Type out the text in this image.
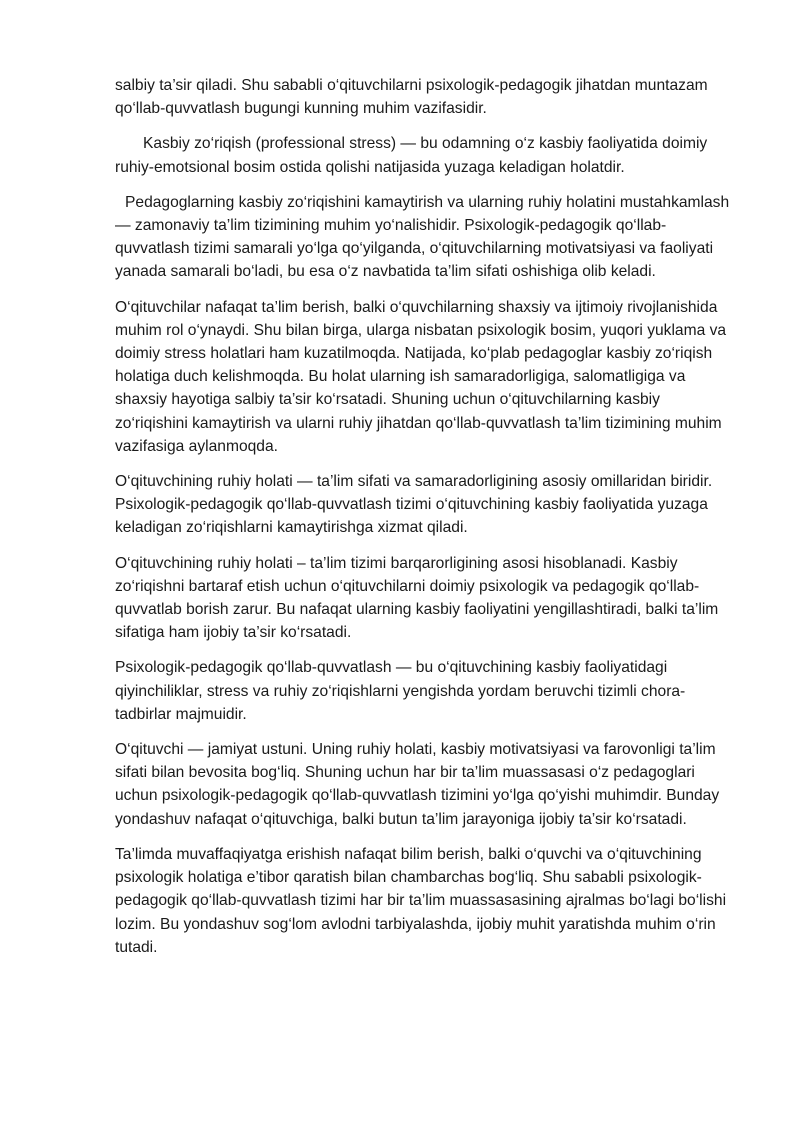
salbiy ta’sir qiladi. Shu sababli o‘qituvchilarni psixologik-pedagogik jihatdan muntazam qo‘llab-quvvatlash bugungi kunning muhim vazifasidir.

Kasbiy zo‘riqish (professional stress) — bu odamning o‘z kasbiy faoliyatida doimiy ruhiy-emotsional bosim ostida qolishi natijasida yuzaga keladigan holatdir.

Pedagoglarning kasbiy zo‘riqishini kamaytirish va ularning ruhiy holatini mustahkamlash — zamonaviy ta’lim tizimining muhim yo‘nalishidir. Psixologik-pedagogik qo‘llab-quvvatlash tizimi samarali yo‘lga qo‘yilganda, o‘qituvchilarning motivatsiyasi va faoliyati yanada samarali bo‘ladi, bu esa o‘z navbatida ta’lim sifati oshishiga olib keladi.

O‘qituvchilar nafaqat ta’lim berish, balki o‘quvchilarning shaxsiy va ijtimoiy rivojlanishida muhim rol o‘ynaydi. Shu bilan birga, ularga nisbatan psixologik bosim, yuqori yuklama va doimiy stress holatlari ham kuzatilmoqda. Natijada, ko‘plab pedagoglar kasbiy zo‘riqish holatiga duch kelishmoqda. Bu holat ularning ish samaradorligiga, salomatligiga va shaxsiy hayotiga salbiy ta’sir ko‘rsatadi. Shuning uchun o‘qituvchilarning kasbiy zo‘riqishini kamaytirish va ularni ruhiy jihatdan qo‘llab-quvvatlash ta’lim tizimining muhim vazifasiga aylanmoqda.

O‘qituvchining ruhiy holati — ta’lim sifati va samaradorligining asosiy omillaridan biridir. Psixologik-pedagogik qo‘llab-quvvatlash tizimi o‘qituvchining kasbiy faoliyatida yuzaga keladigan zo‘riqishlarni kamaytirishga xizmat qiladi.

O‘qituvchining ruhiy holati – ta’lim tizimi barqarorligining asosi hisoblanadi. Kasbiy zo‘riqishni bartaraf etish uchun o‘qituvchilarni doimiy psixologik va pedagogik qo‘llab-quvvatlab borish zarur. Bu nafaqat ularning kasbiy faoliyatini yengillashtiradi, balki ta’lim sifatiga ham ijobiy ta’sir ko‘rsatadi.

Psixologik-pedagogik qo‘llab-quvvatlash — bu o‘qituvchining kasbiy faoliyatidagi qiyinchiliklar, stress va ruhiy zo‘riqishlarni yengishda yordam beruvchi tizimli chora-tadbirlar majmuidir.

O‘qituvchi — jamiyat ustuni. Uning ruhiy holati, kasbiy motivatsiyasi va farovonligi ta’lim sifati bilan bevosita bog‘liq. Shuning uchun har bir ta’lim muassasasi o‘z pedagoglari uchun psixologik-pedagogik qo‘llab-quvvatlash tizimini yo‘lga qo‘yishi muhimdir. Bunday yondashuv nafaqat o‘qituvchiga, balki butun ta’lim jarayoniga ijobiy ta’sir ko‘rsatadi.

Ta’limda muvaffaqiyatga erishish nafaqat bilim berish, balki o‘quvchi va o‘qituvchining psixologik holatiga e’tibor qaratish bilan chambarchas bog‘liq. Shu sababli psixologik-pedagogik qo‘llab-quvvatlash tizimi har bir ta’lim muassasasining ajralmas bo‘lagi bo‘lishi lozim. Bu yondashuv sog‘lom avlodni tarbiyalashda, ijobiy muhit yaratishda muhim o‘rin tutadi.
